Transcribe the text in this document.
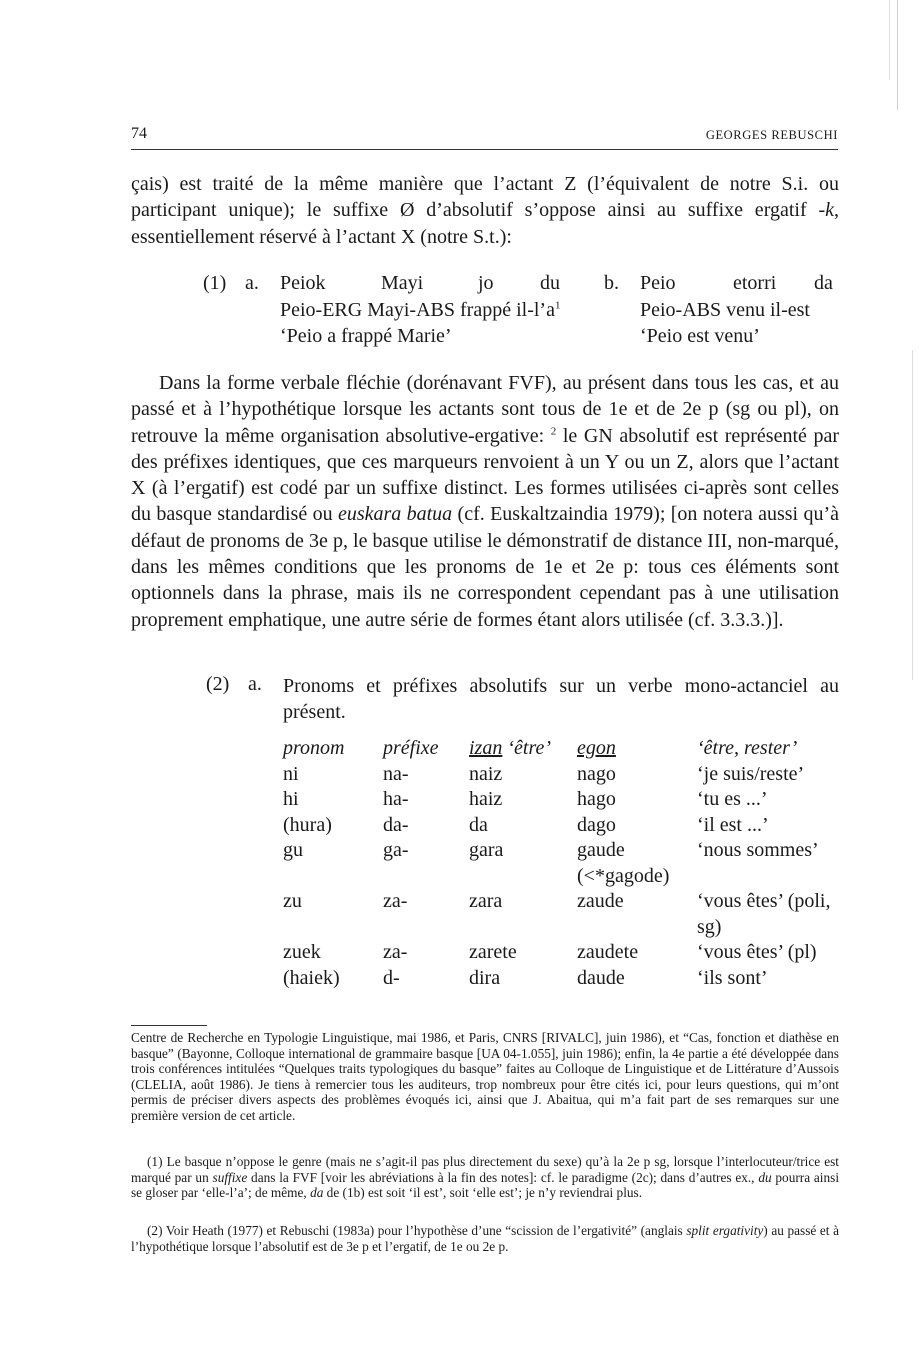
74	GEORGES REBUSCHI

çais) est traité de la même manière que l’actant Z (l’équivalent de notre S.i. ou participant unique); le suffixe Ø d’absolutif s’oppose ainsi au suffixe ergatif -k, essentiellement réservé à l’actant X (notre S.t.):

(1) a. Peiok	Mayi	jo du
Peio-ERG Mayi-ABS frappé $il-l’a^1$
‘Peio a frappé Marie’
b. Peio	etorri da
Peio-ABS venu il-est
‘Peio est venu’

Dans la forme verbale fléchie (dorénavant FVF), au présent dans tous les cas, et au passé et à l’hypothétique lorsque les actants sont tous de 1e et de 2e p (sg ou pl), on retrouve la même organisation absolutive-ergative: $^2$ le GN absolutif est représenté par des préfixes identiques, que ces marqueurs renvoient à un Y ou un Z, alors que l’actant X (à l’ergatif) est codé par un suffixe distinct. Les formes utilisées ci-après sont celles du basque standardisé ou euskara batua (cf. Euskaltzaindia 1979); [on notera aussi qu’à défaut de pronoms de 3e p, le basque utilise le démonstratif de distance III, non-marqué, dans les mêmes conditions que les pronoms de 1e et 2e p: tous ces éléments sont optionnels dans la phrase, mais ils ne correspondent cependant pas à une utilisation proprement emphatique, une autre série de formes étant alors utilisée (cf. 3.3.3.)].

(2) a. Pronoms et préfixes absolutifs sur un verbe mono-actanciel au présent.

pronom	préfixe	izan ‘être’	egon	‘être, rester’
ni	na-	naiz	nago	‘je suis/reste’
hi	ha-	haiz	hago	‘tu es ...’
(hura)	da-	da	dago	‘il est ...’
gu	ga-	gara	gaude (<*gagode)	‘nous sommes’
zu	za-	zara	zaude	‘vous êtes’ (poli, sg)
zuek	za-	zarete	zaudete	‘vous êtes’ (pl)
(haiek)	d-	dira	daude	‘ils sont’

Centre de Recherche en Typologie Linguistique, mai 1986, et Paris, CNRS [RIVALC], juin 1986), et “Cas, fonction et diathèse en basque” (Bayonne, Colloque international de grammaire basque [UA 04-1.055], juin 1986); enfin, la 4e partie a été développée dans trois conférences intitulées “Quelques traits typologiques du basque” faites au Colloque de Linguistique et de Littérature d’Aussois (CLELIA, août 1986). Je tiens à remercier tous les auditeurs, trop nombreux pour être cités ici, pour leurs questions, qui m’ont permis de préciser divers aspects des problèmes évoqués ici, ainsi que J. Abaitua, qui m’a fait part de ses remarques sur une première version de cet article.

(1) Le basque n’oppose le genre (mais ne s’agit-il pas plus directement du sexe) qu’à la 2e p sg, lorsque l’interlocuteur/trice est marqué par un suffixe dans la FVF [voir les abréviations à la fin des notes]: cf. le paradigme (2c); dans d’autres ex., du pourra ainsi se gloser par ‘elle-l’a’; de même, da de (1b) est soit ‘il est’, soit ‘elle est’; je n’y reviendrai plus.

(2) Voir Heath (1977) et Rebuschi (1983a) pour l’hypothèse d’une “scission de l’ergativité” (anglais split ergativity) au passé et à l’hypothétique lorsque l’absolutif est de 3e p et l’ergatif, de 1e ou 2e p.
